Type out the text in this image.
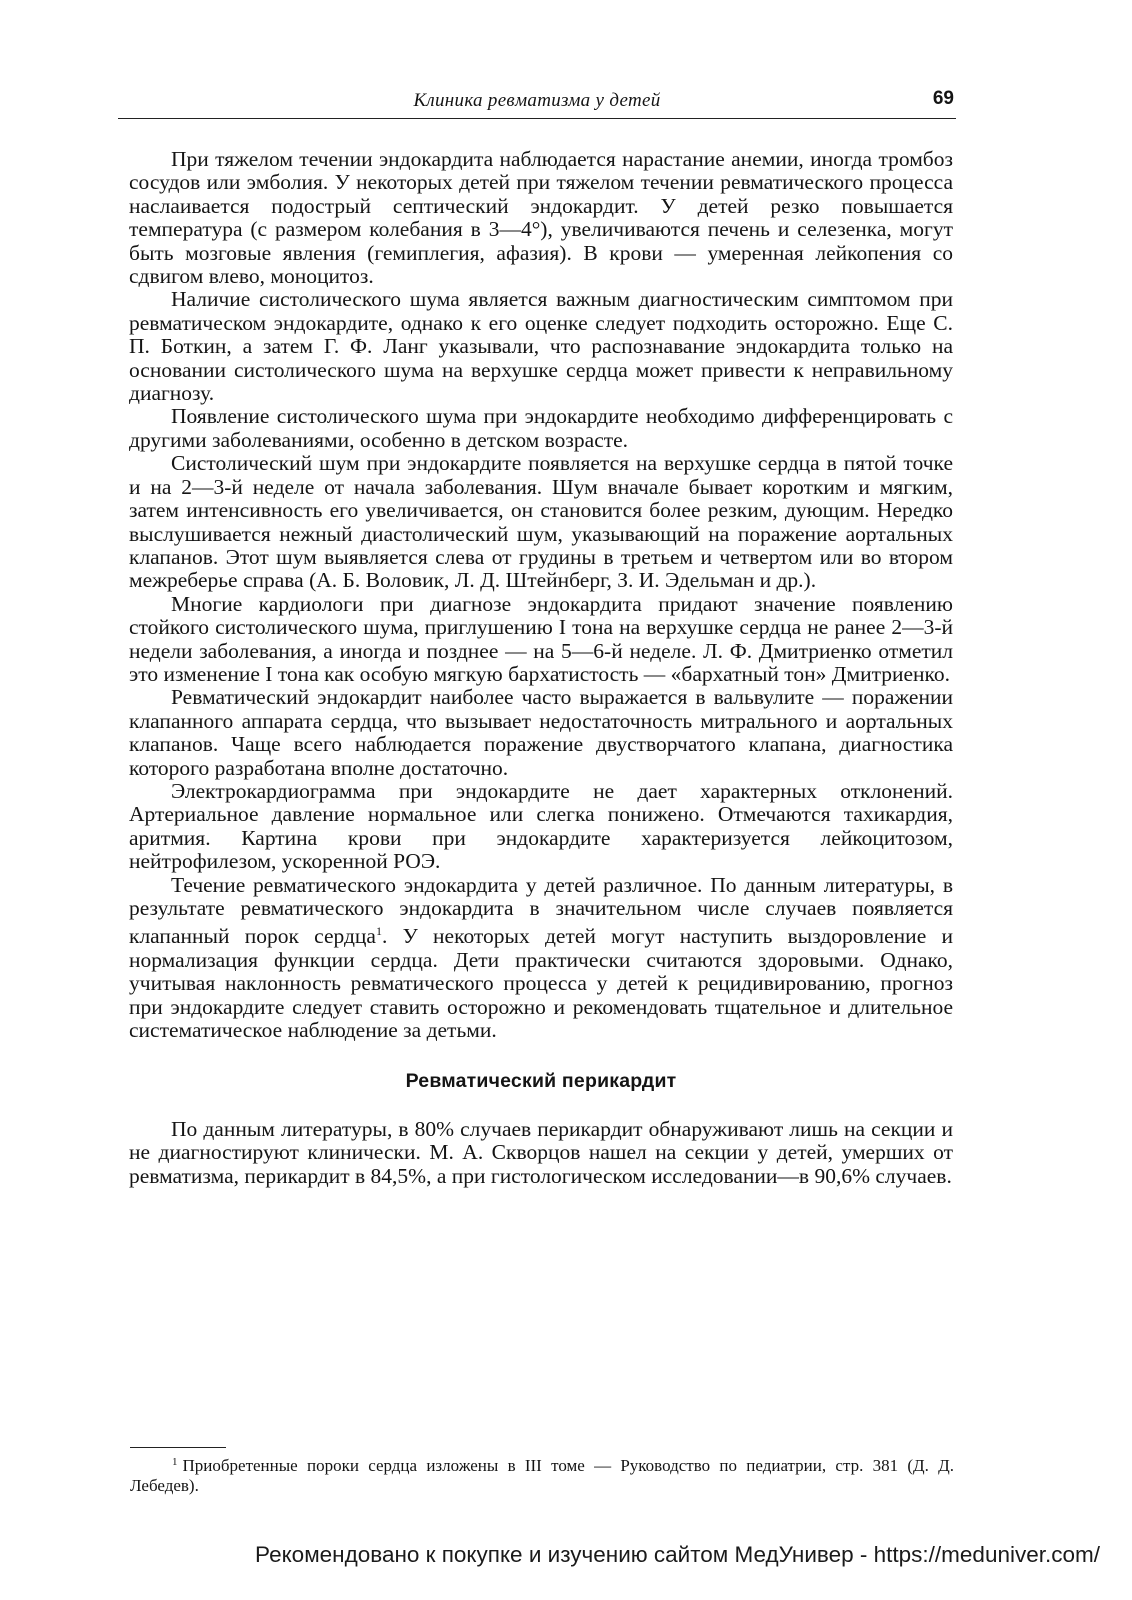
Клиника ревматизма у детей	69

При тяжелом течении эндокардита наблюдается нарастание анемии, иногда тромбоз сосудов или эмболия. У некоторых детей при тяжелом течении ревматического процесса наслаивается подострый септический эндокардит. У детей резко повышается температура (с размером колебания в 3—4°), увеличиваются печень и селезенка, могут быть мозговые явления (гемиплегия, афазия). В крови — умеренная лейкопения со сдвигом влево, моноцитоз.

Наличие систолического шума является важным диагностическим симптомом при ревматическом эндокардите, однако к его оценке следует подходить осторожно. Еще С. П. Боткин, а затем Г. Ф. Ланг указывали, что распознавание эндокардита только на основании систолического шума на верхушке сердца может привести к неправильному диагнозу.

Появление систолического шума при эндокардите необходимо дифференцировать с другими заболеваниями, особенно в детском возрасте.

Систолический шум при эндокардите появляется на верхушке сердца в пятой точке и на 2—3-й неделе от начала заболевания. Шум вначале бывает коротким и мягким, затем интенсивность его увеличивается, он становится более резким, дующим. Нередко выслушивается нежный диастолический шум, указывающий на поражение аортальных клапанов. Этот шум выявляется слева от грудины в третьем и четвертом или во втором межреберье справа (А. Б. Воловик, Л. Д. Штейнберг, З. И. Эдельман и др.).

Многие кардиологи при диагнозе эндокардита придают значение появлению стойкого систолического шума, приглушению I тона на верхушке сердца не ранее 2—3-й недели заболевания, а иногда и позднее — на 5—6-й неделе. Л. Ф. Дмитриенко отметил это изменение I тона как особую мягкую бархатистость — «бархатный тон» Дмитриенко.

Ревматический эндокардит наиболее часто выражается в вальвулите — поражении клапанного аппарата сердца, что вызывает недостаточность митрального и аортальных клапанов. Чаще всего наблюдается поражение двустворчатого клапана, диагностика которого разработана вполне достаточно.

Электрокардиограмма при эндокардите не дает характерных отклонений. Артериальное давление нормальное или слегка понижено. Отмечаются тахикардия, аритмия. Картина крови при эндокардите характеризуется лейкоцитозом, нейтрофилезом, ускоренной РОЭ.

Течение ревматического эндокардита у детей различное. По данным литературы, в результате ревматического эндокардита в значительном числе случаев появляется клапанный порок сердца$^1$. У некоторых детей могут наступить выздоровление и нормализация функции сердца. Дети практически считаются здоровыми. Однако, учитывая наклонность ревматического процесса у детей к рецидивированию, прогноз при эндокардите следует ставить осторожно и рекомендовать тщательное и длительное систематическое наблюдение за детьми.

Ревматический перикардит

По данным литературы, в 80% случаев перикардит обнаруживают лишь на секции и не диагностируют клинически. М. А. Скворцов нашел на секции у детей, умерших от ревматизма, перикардит в 84,5%, а при гистологическом исследовании—в 90,6% случаев.

$^1$ Приобретенные пороки сердца изложены в III томе — Руководство по педиатрии, стр. 381 (Д. Д. Лебедев).
Рекомендовано к покупке и изучению сайтом МедУнивер - https://meduniver.com/
